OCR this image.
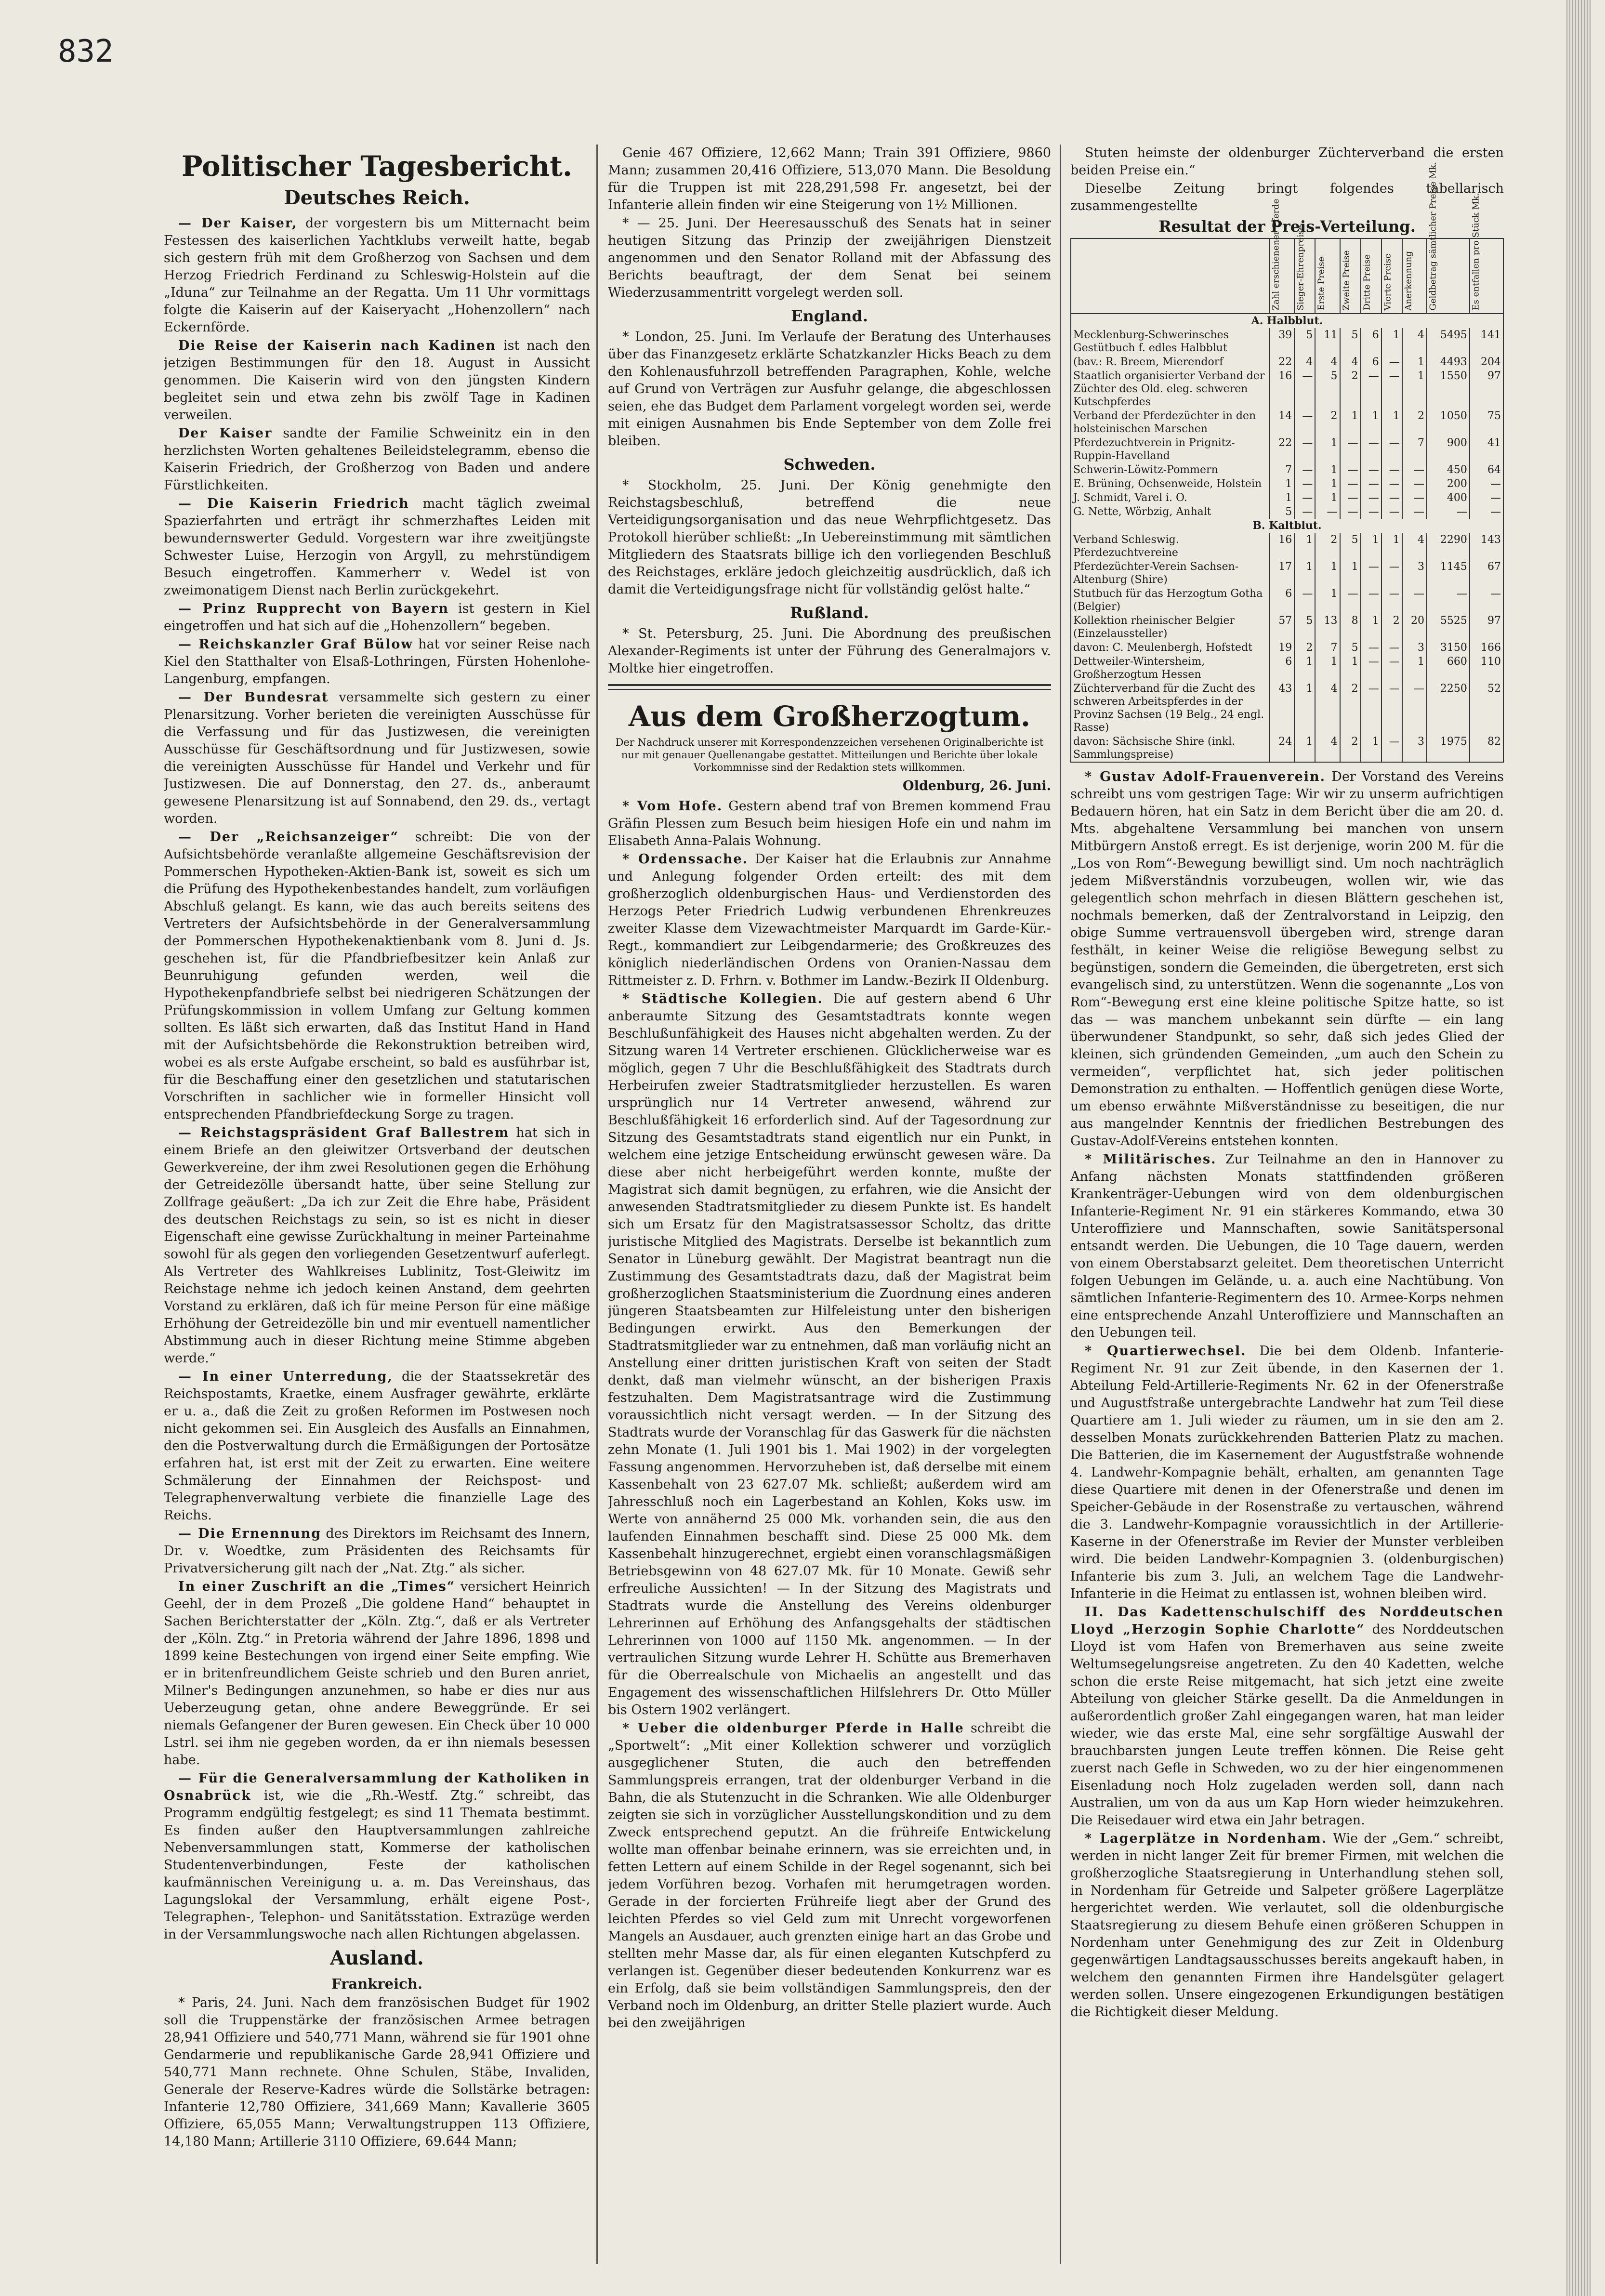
832
Politischer Tagesbericht.
Deutsches Reich.

— Der Kaiser, der vorgestern bis um Mitternacht beim Festessen des kaiserlichen Yachtklubs verweilt hatte, begab sich gestern früh mit dem Großherzog von Sachsen und dem Herzog Friedrich Ferdinand zu Schleswig-Holstein auf die „Iduna“ zur Teilnahme an der Regatta. Um 11 Uhr vormittags folgte die Kaiserin auf der Kaiseryacht „Hohenzollern“ nach Eckernförde.

Die Reise der Kaiserin nach Kadinen ist nach den jetzigen Bestimmungen für den 18. August in Aussicht genommen. Die Kaiserin wird von den jüngsten Kindern begleitet sein und etwa zehn bis zwölf Tage in Kadinen verweilen.

Der Kaiser sandte der Familie Schweinitz ein in den herzlichsten Worten gehaltenes Beileidstelegramm, ebenso die Kaiserin Friedrich, der Großherzog von Baden und andere Fürstlichkeiten.

— Die Kaiserin Friedrich macht täglich zweimal Spazierfahrten und erträgt ihr schmerzhaftes Leiden mit bewundernswerter Geduld. Vorgestern war ihre zweitjüngste Schwester Luise, Herzogin von Argyll, zu mehrstündigem Besuch eingetroffen. Kammerherr v. Wedel ist von zweimonatigem Dienst nach Berlin zurückgekehrt.

— Prinz Rupprecht von Bayern ist gestern in Kiel eingetroffen und hat sich auf die „Hohenzollern“ begeben.

— Reichskanzler Graf Bülow hat vor seiner Reise nach Kiel den Statthalter von Elsaß-Lothringen, Fürsten Hohenlohe-Langenburg, empfangen.

— Der Bundesrat versammelte sich gestern zu einer Plenarsitzung. Vorher berieten die vereinigten Ausschüsse für die Verfassung und für das Justizwesen, die vereinigten Ausschüsse für Geschäftsordnung und für Justizwesen, sowie die vereinigten Ausschüsse für Handel und Verkehr und für Justizwesen. Die auf Donnerstag, den 27. ds., anberaumt gewesene Plenarsitzung ist auf Sonnabend, den 29. ds., vertagt worden.

— Der „Reichsanzeiger“ schreibt: Die von der Aufsichtsbehörde veranlaßte allgemeine Geschäftsrevision der Pommerschen Hypotheken-Aktien-Bank ist, soweit es sich um die Prüfung des Hypothekenbestandes handelt, zum vorläufigen Abschluß gelangt. Es kann, wie das auch bereits seitens des Vertreters der Aufsichtsbehörde in der Generalversammlung der Pommerschen Hypothekenaktienbank vom 8. Juni d. Js. geschehen ist, für die Pfandbriefbesitzer kein Anlaß zur Beunruhigung gefunden werden, weil die Hypothekenpfandbriefe selbst bei niedrigeren Schätzungen der Prüfungskommission in vollem Umfang zur Geltung kommen sollten. Es läßt sich erwarten, daß das Institut Hand in Hand mit der Aufsichtsbehörde die Rekonstruktion betreiben wird, wobei es als erste Aufgabe erscheint, so bald es ausführbar ist, für die Beschaffung einer den gesetzlichen und statutarischen Vorschriften in sachlicher wie in formeller Hinsicht voll entsprechenden Pfandbriefdeckung Sorge zu tragen.

— Reichstagspräsident Graf Ballestrem hat sich in einem Briefe an den gleiwitzer Ortsverband der deutschen Gewerkvereine, der ihm zwei Resolutionen gegen die Erhöhung der Getreidezölle übersandt hatte, über seine Stellung zur Zollfrage geäußert: „Da ich zur Zeit die Ehre habe, Präsident des deutschen Reichstags zu sein, so ist es nicht in dieser Eigenschaft eine gewisse Zurückhaltung in meiner Parteinahme sowohl für als gegen den vorliegenden Gesetzentwurf auferlegt. Als Vertreter des Wahlkreises Lublinitz, Tost-Gleiwitz im Reichstage nehme ich jedoch keinen Anstand, dem geehrten Vorstand zu erklären, daß ich für meine Person für eine mäßige Erhöhung der Getreidezölle bin und mir eventuell namentlicher Abstimmung auch in dieser Richtung meine Stimme abgeben werde.“

— In einer Unterredung, die der Staatssekretär des Reichspostamts, Kraetke, einem Ausfrager gewährte, erklärte er u. a., daß die Zeit zu großen Reformen im Postwesen noch nicht gekommen sei. Ein Ausgleich des Ausfalls an Einnahmen, den die Postverwaltung durch die Ermäßigungen der Portosätze erfahren hat, ist erst mit der Zeit zu erwarten. Eine weitere Schmälerung der Einnahmen der Reichspost- und Telegraphenverwaltung verbiete die finanzielle Lage des Reichs.

— Die Ernennung des Direktors im Reichsamt des Innern, Dr. v. Woedtke, zum Präsidenten des Reichsamts für Privatversicherung gilt nach der „Nat. Ztg.“ als sicher.

In einer Zuschrift an die „Times“ versichert Heinrich Geehl, der in dem Prozeß „Die goldene Hand“ behauptet in Sachen Berichterstatter der „Köln. Ztg.“, daß er als Vertreter der „Köln. Ztg.“ in Pretoria während der Jahre 1896, 1898 und 1899 keine Bestechungen von irgend einer Seite empfing. Wie er in britenfreundlichem Geiste schrieb und den Buren anriet, Milner's Bedingungen anzunehmen, so habe er dies nur aus Ueberzeugung getan, ohne andere Beweggründe. Er sei niemals Gefangener der Buren gewesen. Ein Check über 10 000 Lstrl. sei ihm nie gegeben worden, da er ihn niemals besessen habe.

— Für die Generalversammlung der Katholiken in Osnabrück ist, wie die „Rh.-Westf. Ztg.“ schreibt, das Programm endgültig festgelegt; es sind 11 Themata bestimmt. Es finden außer den Hauptversammlungen zahlreiche Nebenversammlungen statt, Kommerse der katholischen Studentenverbindungen, Feste der katholischen kaufmännischen Vereinigung u. a. m. Das Vereinshaus, das Lagungslokal der Versammlung, erhält eigene Post-, Telegraphen-, Telephon- und Sanitätsstation. Extrazüge werden in der Versammlungswoche nach allen Richtungen abgelassen.

Ausland.
Frankreich.

* Paris, 24. Juni. Nach dem französischen Budget für 1902 soll die Truppenstärke der französischen Armee betragen 28,941 Offiziere und 540,771 Mann, während sie für 1901 ohne Gendarmerie und republikanische Garde 28,941 Offiziere und 540,771 Mann rechnete. Ohne Schulen, Stäbe, Invaliden, Generale der Reserve-Kadres würde die Sollstärke betragen: Infanterie 12,780 Offiziere, 341,669 Mann; Kavallerie 3605 Offiziere, 65,055 Mann; Verwaltungstruppen 113 Offiziere, 14,180 Mann; Artillerie 3110 Offiziere, 69.644 Mann;

Genie 467 Offiziere, 12,662 Mann; Train 391 Offiziere, 9860 Mann; zusammen 20,416 Offiziere, 513,070 Mann. Die Besoldung für die Truppen ist mit 228,291,598 Fr. angesetzt, bei der Infanterie allein finden wir eine Steigerung von 1½ Millionen.

* — 25. Juni. Der Heeresausschuß des Senats hat in seiner heutigen Sitzung das Prinzip der zweijährigen Dienstzeit angenommen und den Senator Rolland mit der Abfassung des Berichts beauftragt, der dem Senat bei seinem Wiederzusammentritt vorgelegt werden soll.

England.

* London, 25. Juni. Im Verlaufe der Beratung des Unterhauses über das Finanzgesetz erklärte Schatzkanzler Hicks Beach zu dem den Kohlenausfuhrzoll betreffenden Paragraphen, Kohle, welche auf Grund von Verträgen zur Ausfuhr gelange, die abgeschlossen seien, ehe das Budget dem Parlament vorgelegt worden sei, werde mit einigen Ausnahmen bis Ende September von dem Zolle frei bleiben.

Schweden.

* Stockholm, 25. Juni. Der König genehmigte den Reichstagsbeschluß, betreffend die neue Verteidigungsorganisation und das neue Wehrpflichtgesetz. Das Protokoll hierüber schließt: „In Uebereinstimmung mit sämtlichen Mitgliedern des Staatsrats billige ich den vorliegenden Beschluß des Reichstages, erkläre jedoch gleichzeitig ausdrücklich, daß ich damit die Verteidigungsfrage nicht für vollständig gelöst halte.“

Rußland.

* St. Petersburg, 25. Juni. Die Abordnung des preußischen Alexander-Regiments ist unter der Führung des Generalmajors v. Moltke hier eingetroffen.

Aus dem Großherzogtum.
Der Nachdruck unserer mit Korrespondenzzeichen versehenen Originalberichte ist nur mit genauer Quellenangabe gestattet. Mitteilungen und Berichte über lokale Vorkommnisse sind der Redaktion stets willkommen.
Oldenburg, 26. Juni.

* Vom Hofe. Gestern abend traf von Bremen kommend Frau Gräfin Plessen zum Besuch beim hiesigen Hofe ein und nahm im Elisabeth Anna-Palais Wohnung.

* Ordenssache. Der Kaiser hat die Erlaubnis zur Annahme und Anlegung folgender Orden erteilt: des mit dem großherzoglich oldenburgischen Haus- und Verdienstorden des Herzogs Peter Friedrich Ludwig verbundenen Ehrenkreuzes zweiter Klasse dem Vizewachtmeister Marquardt im Garde-Kür.-Regt., kommandiert zur Leibgendarmerie; des Großkreuzes des königlich niederländischen Ordens von Oranien-Nassau dem Rittmeister z. D. Frhrn. v. Bothmer im Landw.-Bezirk II Oldenburg.

* Städtische Kollegien. Die auf gestern abend 6 Uhr anberaumte Sitzung des Gesamtstadtrats konnte wegen Beschlußunfähigkeit des Hauses nicht abgehalten werden. Zu der Sitzung waren 14 Vertreter erschienen. Glücklicherweise war es möglich, gegen 7 Uhr die Beschlußfähigkeit des Stadtrats durch Herbeirufen zweier Stadtratsmitglieder herzustellen. Es waren ursprünglich nur 14 Vertreter anwesend, während zur Beschlußfähigkeit 16 erforderlich sind. Auf der Tagesordnung zur Sitzung des Gesamtstadtrats stand eigentlich nur ein Punkt, in welchem eine jetzige Entscheidung erwünscht gewesen wäre. Da diese aber nicht herbeigeführt werden konnte, mußte der Magistrat sich damit begnügen, zu erfahren, wie die Ansicht der anwesenden Stadtratsmitglieder zu diesem Punkte ist. Es handelt sich um Ersatz für den Magistratsassessor Scholtz, das dritte juristische Mitglied des Magistrats. Derselbe ist bekanntlich zum Senator in Lüneburg gewählt. Der Magistrat beantragt nun die Zustimmung des Gesamtstadtrats dazu, daß der Magistrat beim großherzoglichen Staatsministerium die Zuordnung eines anderen jüngeren Staatsbeamten zur Hilfeleistung unter den bisherigen Bedingungen erwirkt. Aus den Bemerkungen der Stadtratsmitglieder war zu entnehmen, daß man vorläufig nicht an Anstellung einer dritten juristischen Kraft von seiten der Stadt denkt, daß man vielmehr wünscht, an der bisherigen Praxis festzuhalten. Dem Magistratsantrage wird die Zustimmung voraussichtlich nicht versagt werden. — In der Sitzung des Stadtrats wurde der Voranschlag für das Gaswerk für die nächsten zehn Monate (1. Juli 1901 bis 1. Mai 1902) in der vorgelegten Fassung angenommen. Hervorzuheben ist, daß derselbe mit einem Kassenbehalt von 23 627.07 Mk. schließt; außerdem wird am Jahresschluß noch ein Lagerbestand an Kohlen, Koks usw. im Werte von annähernd 25 000 Mk. vorhanden sein, die aus den laufenden Einnahmen beschafft sind. Diese 25 000 Mk. dem Kassenbehalt hinzugerechnet, ergiebt einen voranschlagsmäßigen Betriebsgewinn von 48 627.07 Mk. für 10 Monate. Gewiß sehr erfreuliche Aussichten! — In der Sitzung des Magistrats und Stadtrats wurde die Anstellung des Vereins oldenburger Lehrerinnen auf Erhöhung des Anfangsgehalts der städtischen Lehrerinnen von 1000 auf 1150 Mk. angenommen. — In der vertraulichen Sitzung wurde Lehrer H. Schütte aus Bremerhaven für die Oberrealschule von Michaelis an angestellt und das Engagement des wissenschaftlichen Hilfslehrers Dr. Otto Müller bis Ostern 1902 verlängert.

* Ueber die oldenburger Pferde in Halle schreibt die „Sportwelt“: „Mit einer Kollektion schwerer und vorzüglich ausgeglichener Stuten, die auch den betreffenden Sammlungspreis errangen, trat der oldenburger Verband in die Bahn, die als Stutenzucht in die Schranken. Wie alle Oldenburger zeigten sie sich in vorzüglicher Ausstellungskondition und zu dem Zweck entsprechend geputzt. An die frühreife Entwickelung wollte man offenbar beinahe erinnern, was sie erreichten und, in fetten Lettern auf einem Schilde in der Regel sogenannt, sich bei jedem Vorführen bezog. Vorhafen mit herumgetragen worden. Gerade in der forcierten Frühreife liegt aber der Grund des leichten Pferdes so viel Geld zum mit Unrecht vorgeworfenen Mangels an Ausdauer, auch grenzten einige hart an das Grobe und stellten mehr Masse dar, als für einen eleganten Kutschpferd zu verlangen ist. Gegenüber dieser bedeutenden Konkurrenz war es ein Erfolg, daß sie beim vollständigen Sammlungspreis, den der Verband noch im Oldenburg, an dritter Stelle plaziert wurde. Auch bei den zweijährigen

Stuten heimste der oldenburger Züchterverband die ersten beiden Preise ein.“

Dieselbe Zeitung bringt folgendes tabellarisch zusammengestellte

Resultat der Preis-Verteilung.
	Zahl erschienener Pferde	Sieger-Ehrenpreise	Erste Preise	Zweite Preise	Dritte Preise	Vierte Preise	Anerkennung	Geldbetrag sämtlicher Preise Mk.	Es entfallen pro Stück Mk.
A. Halbblut.									
Mecklenburg-Schwerinsches Gestütbuch f. edles Halbblut	39	5	11	5	6	1	4	5495	141
(bav.: R. Breem, Mierendorf	22	4	4	4	6	—	1	4493	204
Staatlich organisierter Verband der Züchter des Old. eleg. schweren Kutschpferdes	16	—	5	2	—	—	1	1550	97
Verband der Pferdezüchter in den holsteinischen Marschen	14	—	2	1	1	1	2	1050	75
Pferdezuchtverein in Prignitz-Ruppin-Havelland	22	—	1	—	—	—	7	900	41
Schwerin-Löwitz-Pommern	7	—	1	—	—	—	—	450	64
E. Brüning, Ochsenweide, Holstein	1	—	1	—	—	—	—	200	—
J. Schmidt, Varel i. O.	1	—	1	—	—	—	—	400	—
G. Nette, Wörbzig, Anhalt	5	—	—	—	—	—	—	—	—
B. Kaltblut.									
Verband Schleswig. Pferdezuchtvereine	16	1	2	5	1	1	4	2290	143
Pferdezüchter-Verein Sachsen-Altenburg (Shire)	17	1	1	1	—	—	3	1145	67
Stutbuch für das Herzogtum Gotha (Belgier)	6	—	1	—	—	—	—	—	—
Kollektion rheinischer Belgier (Einzelaussteller)	57	5	13	8	1	2	20	5525	97
davon: C. Meulenbergh, Hofstedt	19	2	7	5	—	—	3	3150	166
Dettweiler-Wintersheim, Großherzogtum Hessen	6	1	1	1	—	—	1	660	110
Züchterverband für die Zucht des schweren Arbeitspferdes in der Provinz Sachsen (19 Belg., 24 engl. Rasse)	43	1	4	2	—	—	—	2250	52
davon: Sächsische Shire (inkl. Sammlungspreise)	24	1	4	2	1	—	3	1975	82

* Gustav Adolf-Frauenverein. Der Vorstand des Vereins schreibt uns vom gestrigen Tage: Wir wir zu unserm aufrichtigen Bedauern hören, hat ein Satz in dem Bericht über die am 20. d. Mts. abgehaltene Versammlung bei manchen von unsern Mitbürgern Anstoß erregt. Es ist derjenige, worin 200 M. für die „Los von Rom“-Bewegung bewilligt sind. Um noch nachträglich jedem Mißverständnis vorzubeugen, wollen wir, wie das gelegentlich schon mehrfach in diesen Blättern geschehen ist, nochmals bemerken, daß der Zentralvorstand in Leipzig, den obige Summe vertrauensvoll übergeben wird, strenge daran festhält, in keiner Weise die religiöse Bewegung selbst zu begünstigen, sondern die Gemeinden, die übergetreten, erst sich evangelisch sind, zu unterstützen. Wenn die sogenannte „Los von Rom“-Bewegung erst eine kleine politische Spitze hatte, so ist das — was manchem unbekannt sein dürfte — ein lang überwundener Standpunkt, so sehr, daß sich jedes Glied der kleinen, sich gründenden Gemeinden, „um auch den Schein zu vermeiden“, verpflichtet hat, sich jeder politischen Demonstration zu enthalten. — Hoffentlich genügen diese Worte, um ebenso erwähnte Mißverständnisse zu beseitigen, die nur aus mangelnder Kenntnis der friedlichen Bestrebungen des Gustav-Adolf-Vereins entstehen konnten.

* Militärisches. Zur Teilnahme an den in Hannover zu Anfang nächsten Monats stattfindenden größeren Krankenträger-Uebungen wird von dem oldenburgischen Infanterie-Regiment Nr. 91 ein stärkeres Kommando, etwa 30 Unteroffiziere und Mannschaften, sowie Sanitätspersonal entsandt werden. Die Uebungen, die 10 Tage dauern, werden von einem Oberstabsarzt geleitet. Dem theoretischen Unterricht folgen Uebungen im Gelände, u. a. auch eine Nachtübung. Von sämtlichen Infanterie-Regimentern des 10. Armee-Korps nehmen eine entsprechende Anzahl Unteroffiziere und Mannschaften an den Uebungen teil.

* Quartierwechsel. Die bei dem Oldenb. Infanterie-Regiment Nr. 91 zur Zeit übende, in den Kasernen der 1. Abteilung Feld-Artillerie-Regiments Nr. 62 in der Ofenerstraße und Augustfstraße untergebrachte Landwehr hat zum Teil diese Quartiere am 1. Juli wieder zu räumen, um in sie den am 2. desselben Monats zurückkehrenden Batterien Platz zu machen. Die Batterien, die im Kasernement der Augustfstraße wohnende 4. Landwehr-Kompagnie behält, erhalten, am genannten Tage diese Quartiere mit denen in der Ofenerstraße und denen im Speicher-Gebäude in der Rosenstraße zu vertauschen, während die 3. Landwehr-Kompagnie voraussichtlich in der Artillerie-Kaserne in der Ofenerstraße im Revier der Munster verbleiben wird. Die beiden Landwehr-Kompagnien 3. (oldenburgischen) Infanterie bis zum 3. Juli, an welchem Tage die Landwehr-Infanterie in die Heimat zu entlassen ist, wohnen bleiben wird.

II. Das Kadettenschulschiff des Norddeutschen Lloyd „Herzogin Sophie Charlotte“ des Norddeutschen Lloyd ist vom Hafen von Bremerhaven aus seine zweite Weltumsegelungsreise angetreten. Zu den 40 Kadetten, welche schon die erste Reise mitgemacht, hat sich jetzt eine zweite Abteilung von gleicher Stärke gesellt. Da die Anmeldungen in außerordentlich großer Zahl eingegangen waren, hat man leider wieder, wie das erste Mal, eine sehr sorgfältige Auswahl der brauchbarsten jungen Leute treffen können. Die Reise geht zuerst nach Gefle in Schweden, wo zu der hier eingenommenen Eisenladung noch Holz zugeladen werden soll, dann nach Australien, um von da aus um Kap Horn wieder heimzukehren. Die Reisedauer wird etwa ein Jahr betragen.

* Lagerplätze in Nordenham. Wie der „Gem.“ schreibt, werden in nicht langer Zeit für bremer Firmen, mit welchen die großherzogliche Staatsregierung in Unterhandlung stehen soll, in Nordenham für Getreide und Salpeter größere Lagerplätze hergerichtet werden. Wie verlautet, soll die oldenburgische Staatsregierung zu diesem Behufe einen größeren Schuppen in Nordenham unter Genehmigung des zur Zeit in Oldenburg gegenwärtigen Landtagsausschusses bereits angekauft haben, in welchem den genannten Firmen ihre Handelsgüter gelagert werden sollen. Unsere eingezogenen Erkundigungen bestätigen die Richtigkeit dieser Meldung.
